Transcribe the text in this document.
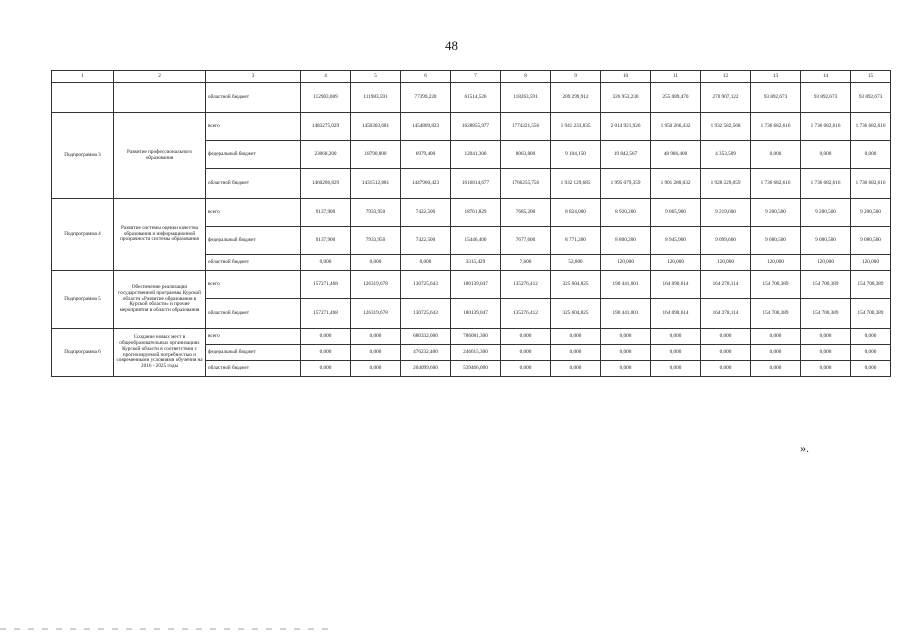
48
1	2	3	4	5	6	7	8	9	10	11	12	13	14	15
		областной бюджет	112903,089	111983,591	77399,220	61514,526	118263,591	209 299,912	326 953,230	255 089,470	270 907,122	93 892,673	93 892,673	93 892,673
Подпрограмма 3	Развитие профессионального образования	всего	1483275,029	1450303,681	1454809,823	1628855,977	1774321,556	1 941 233,835	2 014 921,926	1 950 266,432	1 932 582,568	1 736 682,616	1 736 682,616	1 736 682,616
		федеральный бюджет	23068,200	18790,800	6979,400	12041,300	8063,800	9 104,150	19 842,567	48 986,400	4 353,509	0,000	0,000	0,000
		областной бюджет	1460206,829	1431512,881	1447960,423	1616814,677	1766255,756	1 932 129,685	1 995 079,359	1 901 280,032	1 928 229,059	1 736 682,616	1 736 682,616	1 736 682,616
Подпрограмма 4	Развитие системы оценки качества образования и информационной прозрачности системы образования	всего	9137,900	7933,950	7422,500	18761,829	7685,200	8 824,000	8 920,200	9 065,900	9 219,600	9 200,500	9 200,500	9 200,500
		федеральный бюджет	9137,900	7933,950	7422,500	15446,400	7677,600	8 771,200	8 800,200	8 945,900	9 099,600	9 080,500	9 080,500	9 080,500
		областной бюджет	0,000	0,000	0,000	3315,429	7,600	52,800	120,000	120,000	120,000	120,000	120,000	120,000
Подпрограмма 5	Обеспечение реализации государственной программы Курской области «Развитие образования в Курской области» и прочие мероприятия в области образования	всего	157271,468	126319,678	130725,643	180139,047	135276,412	325 604,825	190 441,001	164 090,614	164 278,114	154 700,389	154 700,389	154 700,389
		областной бюджет	157271,468	126319,678	130725,643	180139,047	135276,412	325 604,825	190 441,001	164 090,614	164 278,114	154 700,389	154 700,389	154 700,389
Подпрограмма 6	Создание новых мест в общеобразовательных организациях Курской области в соответствии с прогнозируемой потребностью и современными условиями обучения на 2016 - 2025 годы	всего	0,000	0,000	680332,000	786081,300	0,000	0,000	0,000	0,000	0,000	0,000	0,000	0,000
		федеральный бюджет	0,000	0,000	476232,400	246615,300	0,000	0,000	0,000	0,000	0,000	0,000	0,000	0,000
		областной бюджет	0,000	0,000	204099,600	539466,000	0,000	0,000	0,000	0,000	0,000	0,000	0,000	0,000
».
